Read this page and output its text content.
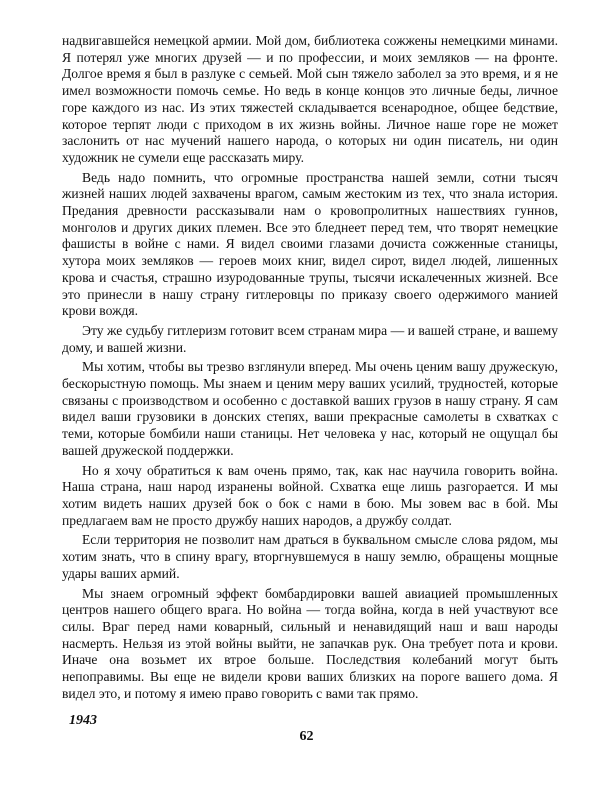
надвигавшейся немецкой армии. Мой дом, библиотека сожжены немецкими минами. Я потерял уже многих друзей — и по профессии, и моих земляков — на фронте. Долгое время я был в разлуке с семьей. Мой сын тяжело заболел за это время, и я не имел возможности помочь семье. Но ведь в конце концов это личные беды, личное горе каждого из нас. Из этих тяжестей складывается всенародное, общее бедствие, которое терпят люди с приходом в их жизнь войны. Личное наше горе не может заслонить от нас мучений нашего народа, о которых ни один писатель, ни один художник не сумели еще рассказать миру.

Ведь надо помнить, что огромные пространства нашей земли, сотни тысяч жизней наших людей захвачены врагом, самым жестоким из тех, что знала история. Предания древности рассказывали нам о кровопролитных нашествиях гуннов, монголов и других диких племен. Все это бледнеет перед тем, что творят немецкие фашисты в войне с нами. Я видел своими глазами дочиста сожженные станицы, хутора моих земляков — героев моих книг, видел сирот, видел людей, лишенных крова и счастья, страшно изуродованные трупы, тысячи искалеченных жизней. Все это принесли в нашу страну гитлеровцы по приказу своего одержимого манией крови вождя.

Эту же судьбу гитлеризм готовит всем странам мира — и вашей стране, и вашему дому, и вашей жизни.

Мы хотим, чтобы вы трезво взглянули вперед. Мы очень ценим вашу дружескую, бескорыстную помощь. Мы знаем и ценим меру ваших усилий, трудностей, которые связаны с производством и особенно с доставкой ваших грузов в нашу страну. Я сам видел ваши грузовики в донских степях, ваши прекрасные самолеты в схватках с теми, которые бомбили наши станицы. Нет человека у нас, который не ощущал бы вашей дружеской поддержки.

Но я хочу обратиться к вам очень прямо, так, как нас научила говорить война. Наша страна, наш народ изранены войной. Схватка еще лишь разгорается. И мы хотим видеть наших друзей бок о бок с нами в бою. Мы зовем вас в бой. Мы предлагаем вам не просто дружбу наших народов, а дружбу солдат.

Если территория не позволит нам драться в буквальном смысле слова рядом, мы хотим знать, что в спину врагу, вторгнувшемуся в нашу землю, обращены мощные удары ваших армий.

Мы знаем огромный эффект бомбардировки вашей авиацией промышленных центров нашего общего врага. Но война — тогда война, когда в ней участвуют все силы. Враг перед нами коварный, сильный и ненавидящий наш и ваш народы насмерть. Нельзя из этой войны выйти, не запачкав рук. Она требует пота и крови. Иначе она возьмет их втрое больше. Последствия колебаний могут быть непоправимы. Вы еще не видели крови ваших близких на пороге вашего дома. Я видел это, и потому я имею право говорить с вами так прямо.

1943
62
